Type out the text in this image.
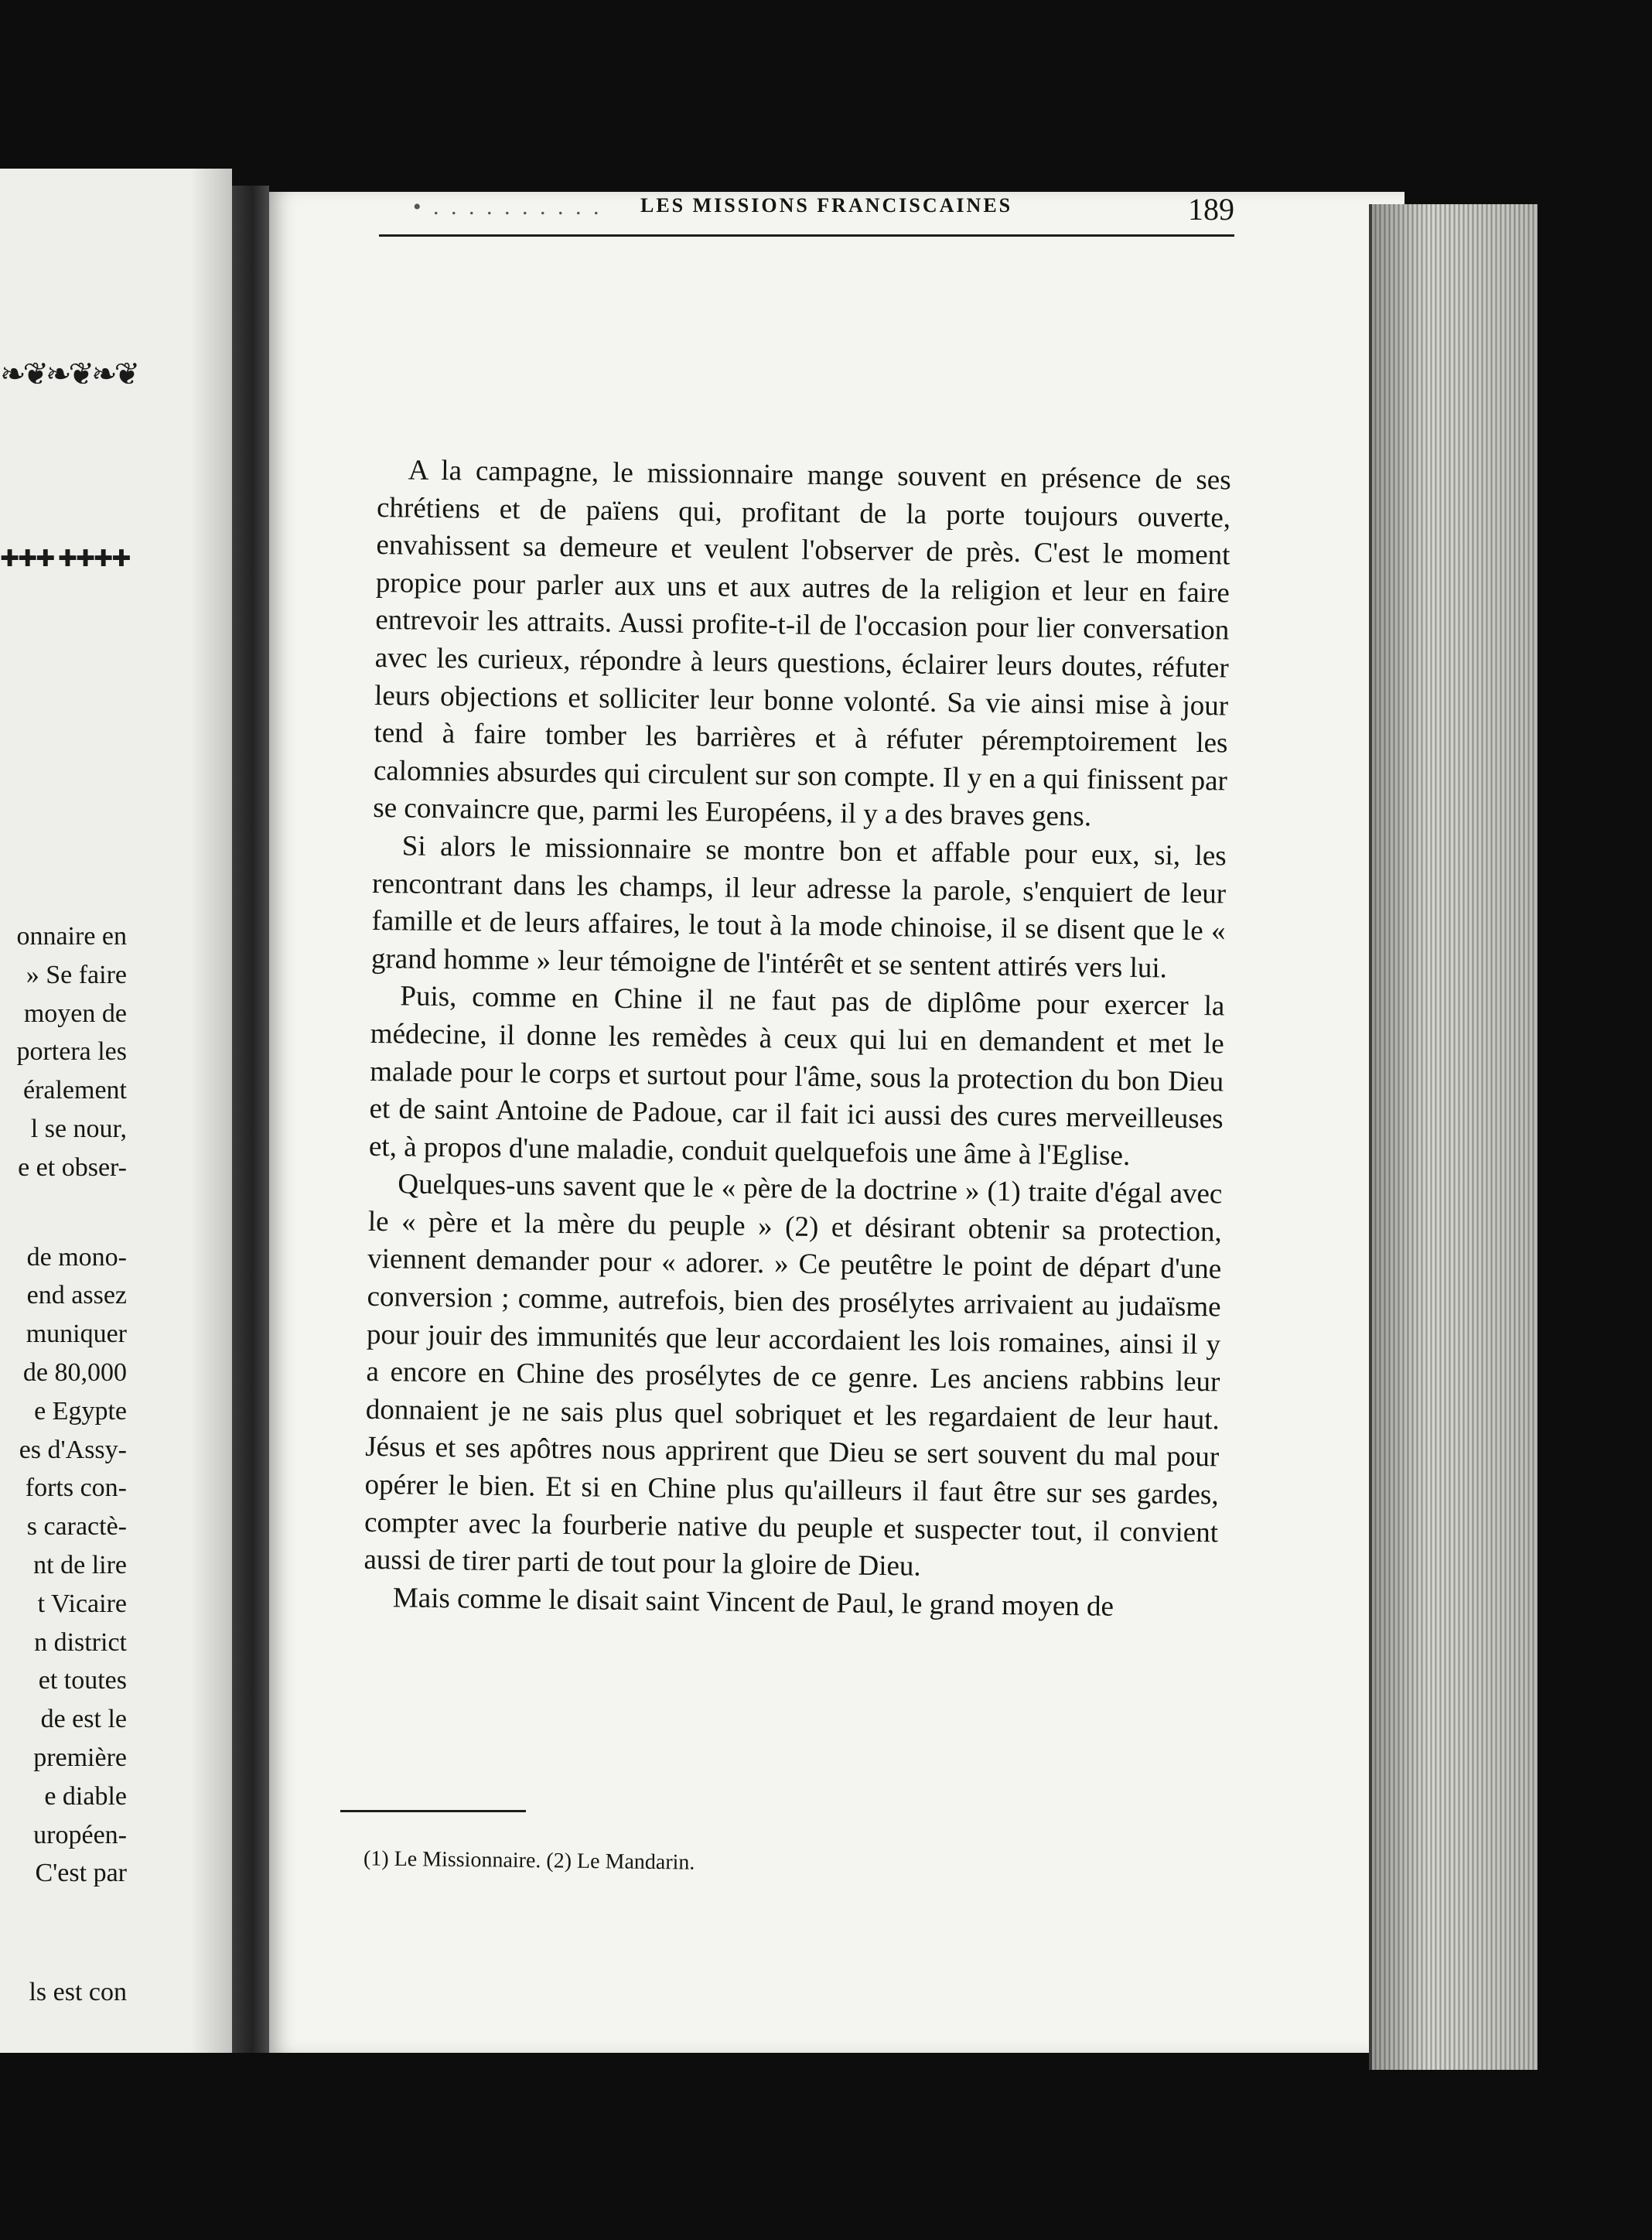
❧❦❧❦❧❦
✚✚✚ ✚✚✚✚
onnaire en
» Se faire
moyen de
portera les
éralement
l se nour,
e et obser-
de mono-
end assez
muniquer
de 80,000
e Egypte
es d'Assy-
forts con-
s caractè-
nt de lire
t Vicaire
n district
et toutes
de est le
première
e diable
uropéen-
C'est par
ls est con
• . . . . . . . . . . LES MISSIONS FRANCISCAINES	189

A la campagne, le missionnaire mange souvent en présence de ses chrétiens et de païens qui, profitant de la porte toujours ouverte, envahissent sa demeure et veulent l'observer de près. C'est le moment propice pour parler aux uns et aux autres de la religion et leur en faire entrevoir les attraits. Aussi profite-t-il de l'occasion pour lier conversation avec les curieux, répondre à leurs questions, éclairer leurs doutes, réfuter leurs objections et solliciter leur bonne volonté. Sa vie ainsi mise à jour tend à faire tomber les barrières et à réfuter péremptoirement les calomnies absurdes qui circulent sur son compte. Il y en a qui finissent par se convaincre que, parmi les Européens, il y a des braves gens.

Si alors le missionnaire se montre bon et affable pour eux, si, les rencontrant dans les champs, il leur adresse la parole, s'enquiert de leur famille et de leurs affaires, le tout à la mode chinoise, il se disent que le « grand homme » leur témoigne de l'intérêt et se sentent attirés vers lui.

Puis, comme en Chine il ne faut pas de diplôme pour exercer la médecine, il donne les remèdes à ceux qui lui en demandent et met le malade pour le corps et surtout pour l'âme, sous la protection du bon Dieu et de saint Antoine de Padoue, car il fait ici aussi des cures merveilleuses et, à propos d'une maladie, conduit quelquefois une âme à l'Eglise.

Quelques-uns savent que le « père de la doctrine » (1) traite d'égal avec le « père et la mère du peuple » (2) et désirant obtenir sa protection, viennent demander pour « adorer. » Ce peutêtre le point de départ d'une conversion ; comme, autrefois, bien des prosélytes arrivaient au judaïsme pour jouir des immunités que leur accordaient les lois romaines, ainsi il y a encore en Chine des prosélytes de ce genre. Les anciens rabbins leur donnaient je ne sais plus quel sobriquet et les regardaient de leur haut. Jésus et ses apôtres nous apprirent que Dieu se sert souvent du mal pour opérer le bien. Et si en Chine plus qu'ailleurs il faut être sur ses gardes, compter avec la fourberie native du peuple et suspecter tout, il convient aussi de tirer parti de tout pour la gloire de Dieu.

Mais comme le disait saint Vincent de Paul, le grand moyen de

(1) Le Missionnaire. (2) Le Mandarin.
